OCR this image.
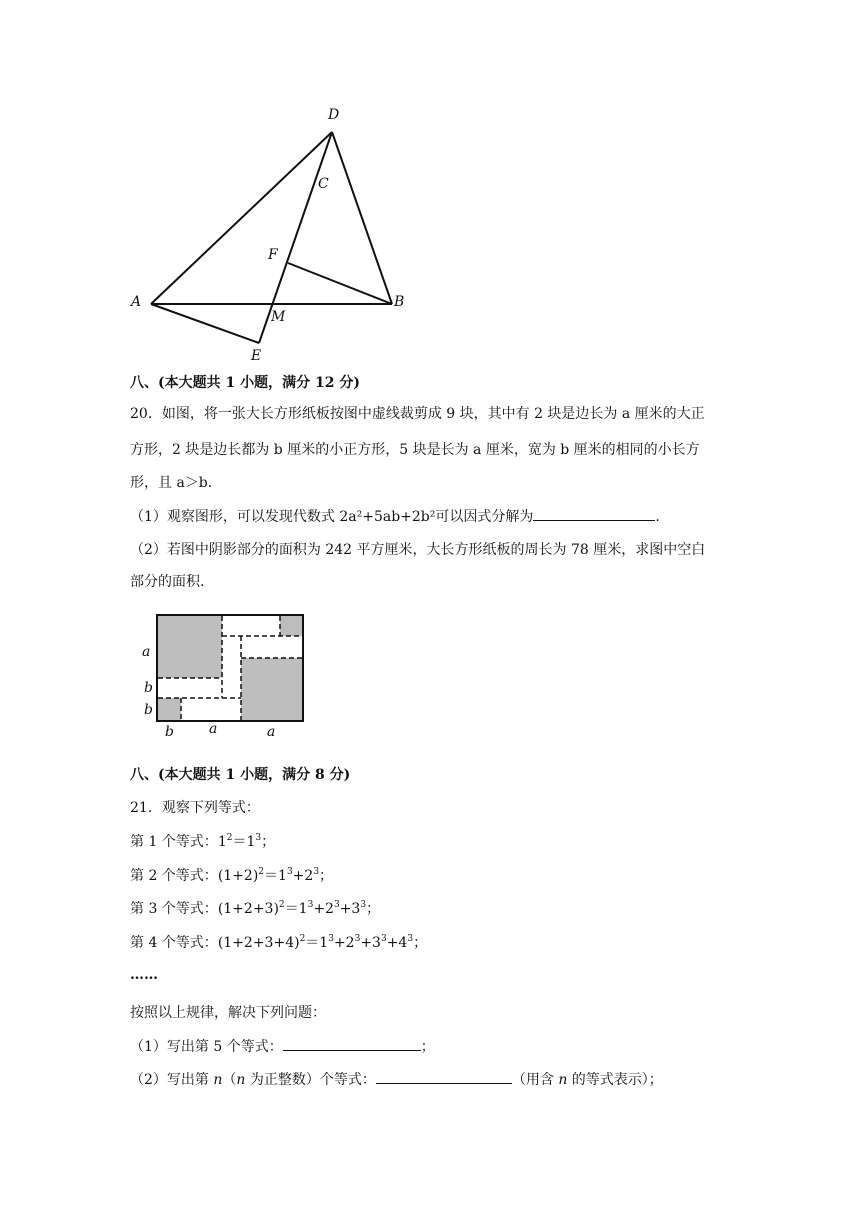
D
C
F
A	B
M
E
八、(本大题共 1 小题，满分 12 分)
20．如图，将一张大长方形纸板按图中虚线裁剪成 9 块，其中有 2 块是边长为 a 厘米的大正
方形，2 块是边长都为 b 厘米的小正方形，5 块是长为 a 厘米，宽为 b 厘米的相同的小长方
形，且 a＞b．
（1）观察图形，可以发现代数式 2a²+5ab+2b²可以因式分解为	.
（2）若图中阴影部分的面积为 242 平方厘米，大长方形纸板的周长为 78 厘米，求图中空白
部分的面积.
a
b
b
b	a	a
八、(本大题共 1 小题，满分 8 分)
21．观察下列等式：
第 1 个等式：$1^2=1^3$；
第 2 个等式：$(1+2)^2=1^3+2^3$；
第 3 个等式：$(1+2+3)^2=1^3+2^3+3^3$；
第 4 个等式：$(1+2+3+4)^2=1^3+2^3+3^3+4^3$；
……
按照以上规律，解决下列问题：
（1）写出第 5 个等式：	；
（2）写出第 n（n 为正整数）个等式：	（用含 n 的等式表示）；
